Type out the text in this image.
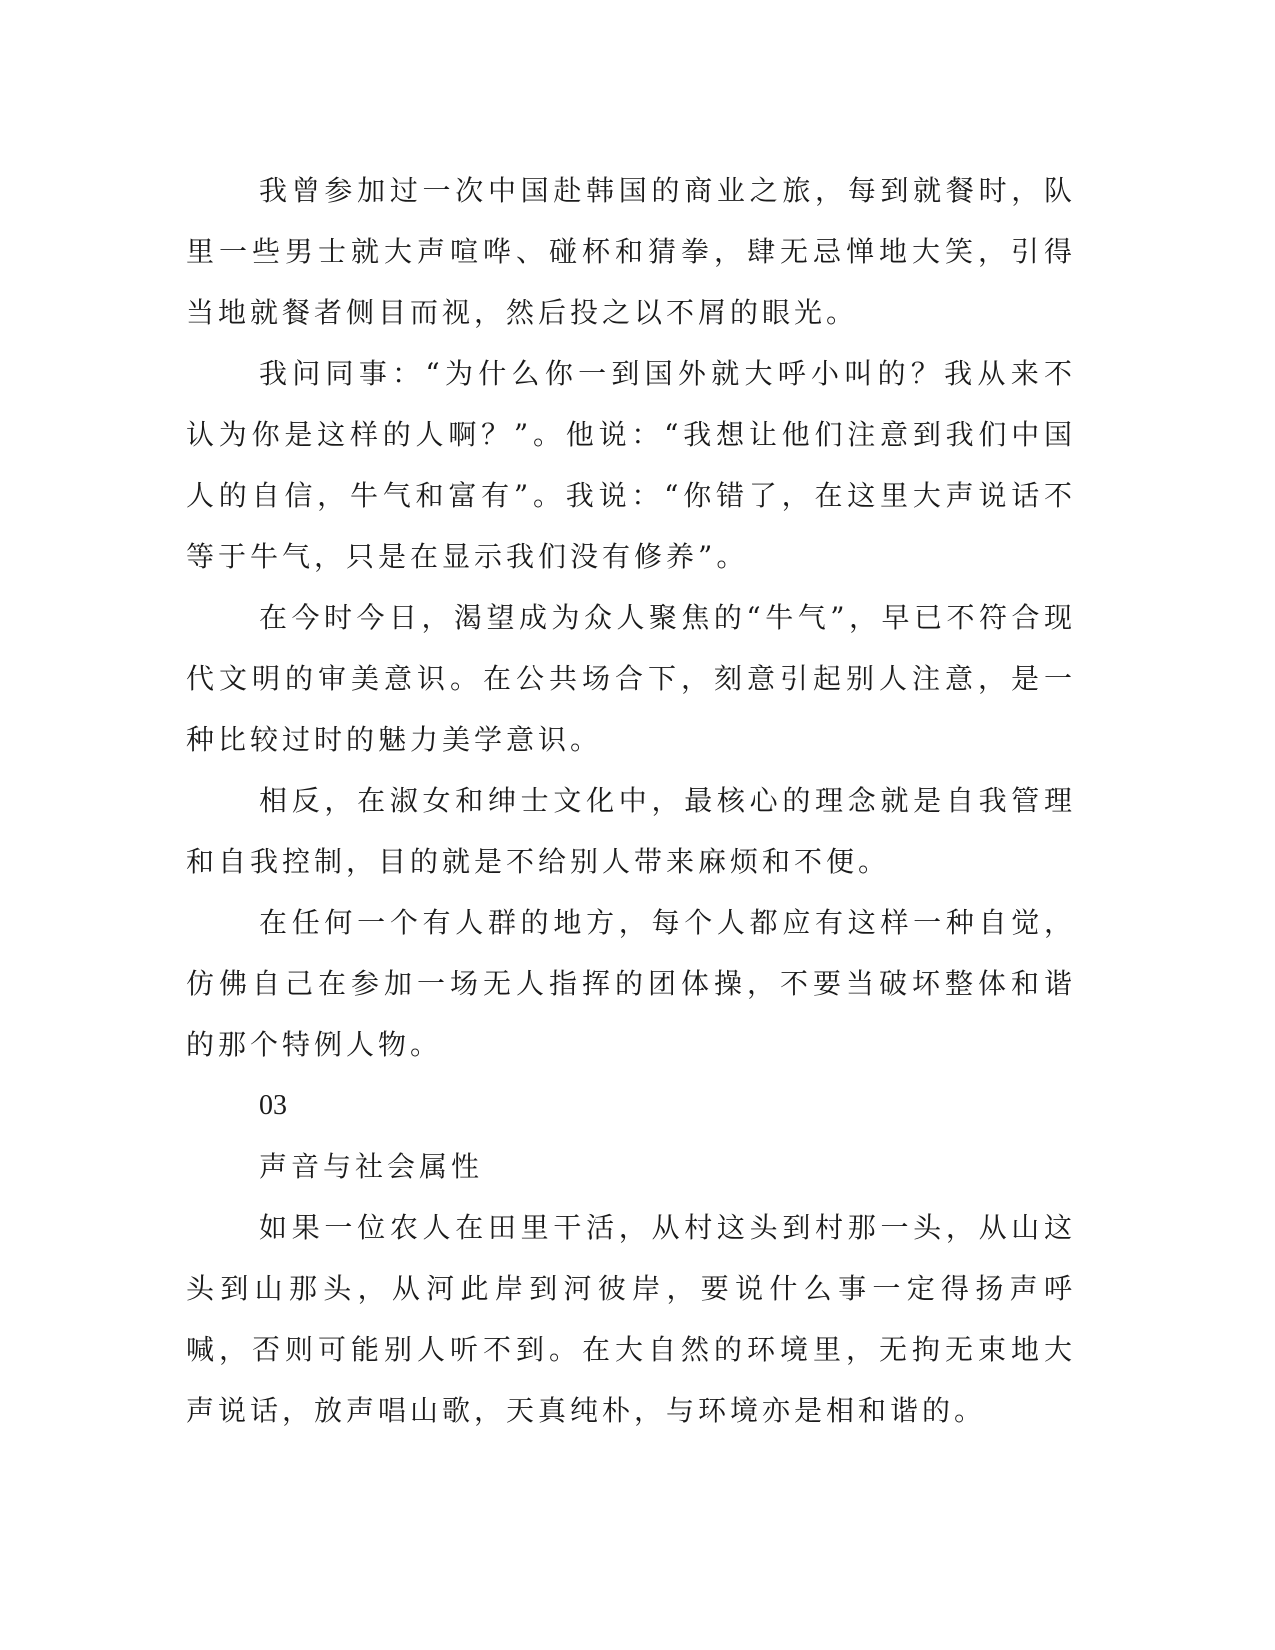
我曾参加过一次中国赴韩国的商业之旅，每到就餐时，队里一些男士就大声喧哗、碰杯和猜拳，肆无忌惮地大笑，引得当地就餐者侧目而视，然后投之以不屑的眼光。

我问同事：“为什么你一到国外就大呼小叫的？我从来不认为你是这样的人啊？”。他说：“我想让他们注意到我们中国人的自信，牛气和富有”。我说：“你错了，在这里大声说话不等于牛气，只是在显示我们没有修养”。

在今时今日，渴望成为众人聚焦的“牛气”，早已不符合现代文明的审美意识。在公共场合下，刻意引起别人注意，是一种比较过时的魅力美学意识。

相反，在淑女和绅士文化中，最核心的理念就是自我管理和自我控制，目的就是不给别人带来麻烦和不便。

在任何一个有人群的地方，每个人都应有这样一种自觉，仿佛自己在参加一场无人指挥的团体操，不要当破坏整体和谐的那个特例人物。

03

声音与社会属性

如果一位农人在田里干活，从村这头到村那一头，从山这头到山那头，从河此岸到河彼岸，要说什么事一定得扬声呼喊，否则可能别人听不到。在大自然的环境里，无拘无束地大声说话，放声唱山歌，天真纯朴，与环境亦是相和谐的。
